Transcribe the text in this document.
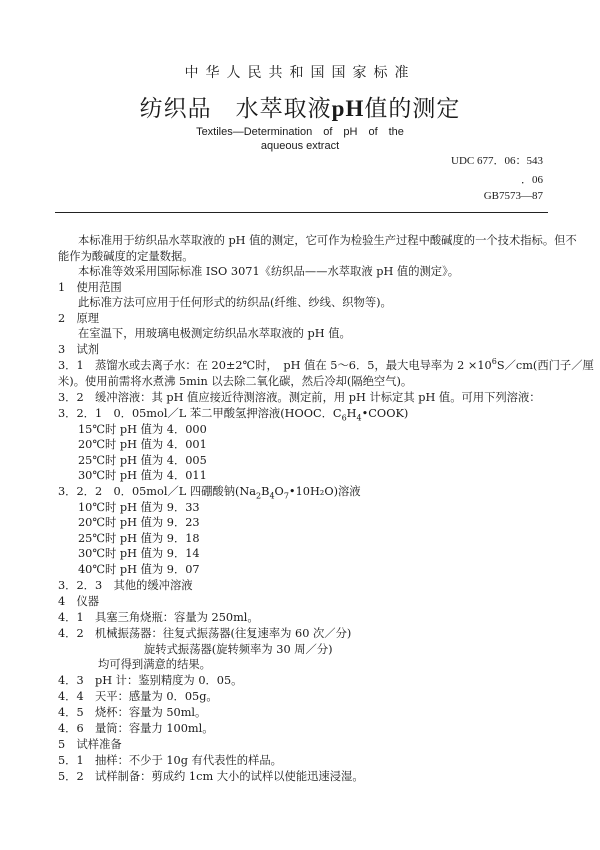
中华人民共和国国家标准
纺织品　水萃取液pH值的测定
Textiles—Determination　of　pH　of　the
aqueous extract
UDC 677．06：543
．06
GB7573—87
本标准用于纺织品水萃取液的 pH 值的测定，它可作为检验生产过程中酸碱度的一个技术指标。但不
能作为酸碱度的定量数据。
本标准等效采用国际标准 ISO 3071《纺织品——水萃取液 pH 值的测定》。
1　使用范围
此标准方法可应用于任何形式的纺织品(纤维、纱线、织物等)。
2　原理
在室温下，用玻璃电极测定纺织品水萃取液的 pH 值。
3　试剂
3．1　蒸馏水或去离子水：在 20±2℃时，　pH 值在 5～6．5，最大电导率为 $2 \times 10^6S/cm$(西门子／厘
米)。使用前需将水煮沸 5min 以去除二氧化碳，然后冷却(隔绝空气)。
3．2　缓冲溶液：其 pH 值应接近待测溶液。测定前，用 pH 计标定其 pH 值。可用下列溶液：
3．2．1　0．05mol／L 苯二甲酸氢押溶液(HOOC．$C_6H_4•COOK$)
15℃时 pH 值为 4．000
20℃时 pH 值为 4．001
25℃时 pH 值为 4．005
30℃时 pH 值为 4．011
3．2．2　0．05mol／L 四硼酸钠$(Na_2B_4O_7•10H_2O)$溶液
10℃时 pH 值为 9．33
20℃时 pH 值为 9．23
25℃时 pH 值为 9．18
30℃时 pH 值为 9．14
40℃时 pH 值为 9．07
3．2．3　其他的缓冲溶液
4　仪器
4．1　具塞三角烧瓶：容量为 250ml。
4．2　机械振荡器：往复式振荡器(往复速率为 60 次／分)
旋转式振荡器(旋转频率为 30 周／分)
均可得到满意的结果。
4．3　pH 计：鉴别精度为 0．05。
4．4　天平：感量为 0．05g。
4．5　烧杯：容量为 50ml。
4．6　量筒：容量力 100ml。
5　试样准备
5．1　抽样：不少于 10g 有代表性的样品。
5．2　试样制备：剪成约 1cm 大小的试样以使能迅速浸湿。
